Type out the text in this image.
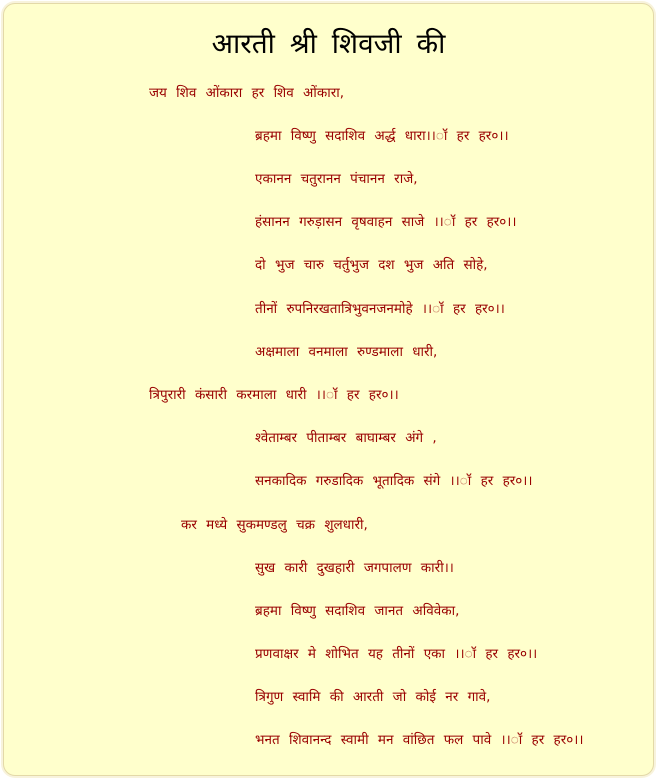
आरती श्री शिवजी की
जय शिव ओंकारा हर शिव ओंकारा,
ब्रहमा विष्णु सदाशिव अर्द्ध धारा।।ॉ हर हर०।।
एकानन चतुरानन पंचानन राजे,
हंसानन गरुड़ासन वृषवाहन साजे ।।ॉ हर हर०।।
दो भुज चारु चर्तुभुज दश भुज अति सोहे,
तीनों रुपनिरखतात्रिभुवनजनमोहे ।।ॉ हर हर०।।
अक्षमाला वनमाला रुण्डमाला धारी,
त्रिपुरारी कंसारी करमाला धारी ।।ॉ हर हर०।।
श्वेताम्बर पीताम्बर बाघाम्बर अंगे ,
सनकादिक गरुडादिक भूतादिक संगे ।।ॉ हर हर०।।
कर मध्ये सुकमण्डलु चक्र शुलधारी,
सुख कारी दुखहारी जगपालण कारी।।
ब्रहमा विष्णु सदाशिव जानत अविवेका,
प्रणवाक्षर मे शोभित यह तीनों एका ।।ॉ हर हर०।।
त्रिगुण स्वामि की आरती जो कोई नर गावे,
भनत शिवानन्द स्वामी मन वांछित फल पावे ।।ॉ हर हर०।।
